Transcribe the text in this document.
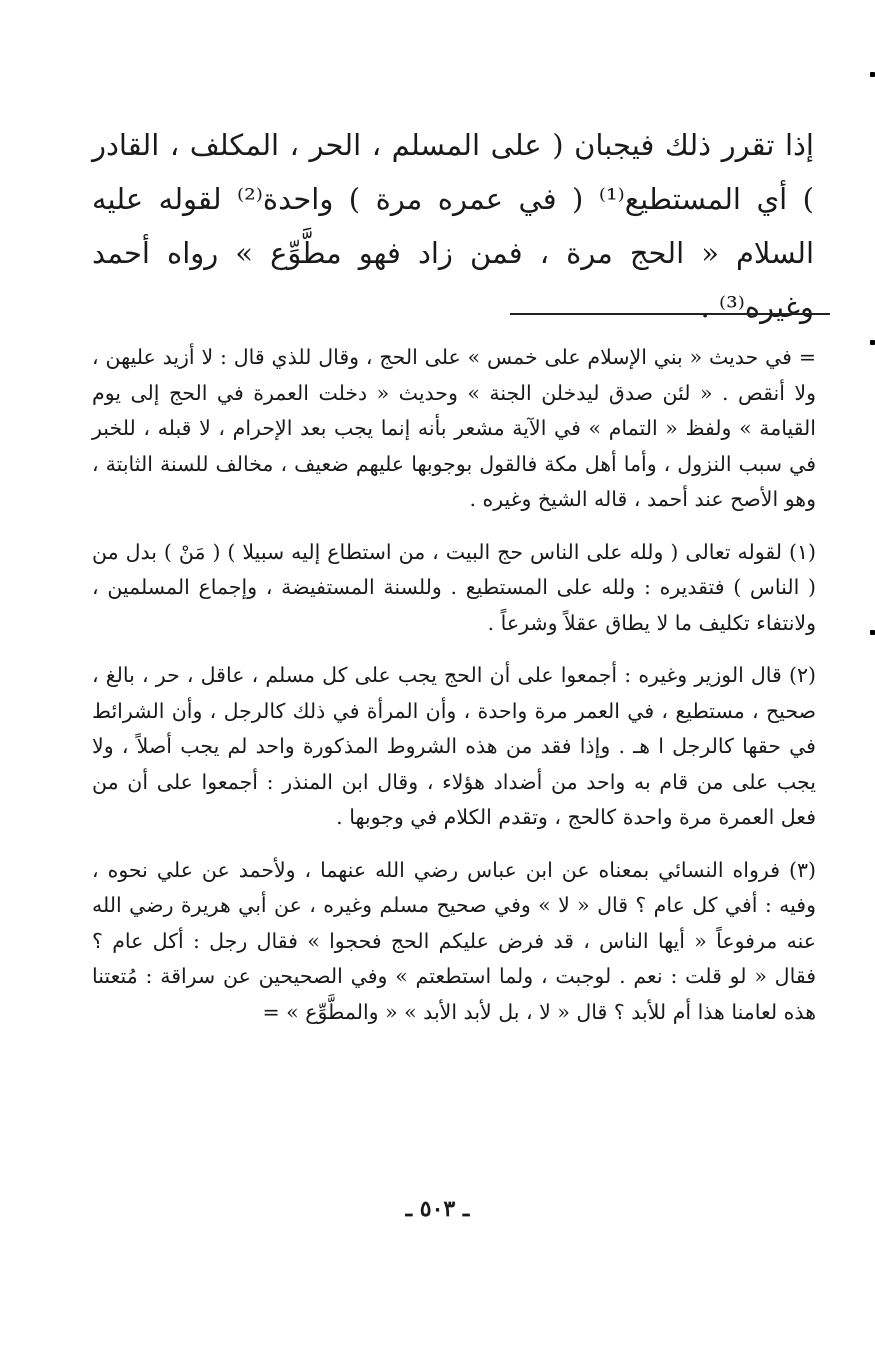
إذا تقرر ذلك فيجبان ( على المسلم ، الحر ، المكلف ، القادر ) أي المستطيع⁽¹⁾ ( في عمره مرة ) واحدة⁽²⁾ لقوله عليه السلام « الحج مرة ، فمن زاد فهو مطَّوِّع » رواه أحمد وغيره⁽³⁾ .

= في حديث « بني الإسلام على خمس » على الحج ، وقال للذي قال : لا أزيد عليهن ، ولا أنقص . « لئن صدق ليدخلن الجنة » وحديث « دخلت العمرة في الحج إلى يوم القيامة » ولفظ « التمام » في الآية مشعر بأنه إنما يجب بعد الإحرام ، لا قبله ، للخبر في سبب النزول ، وأما أهل مكة فالقول بوجوبها عليهم ضعيف ، مخالف للسنة الثابتة ، وهو الأصح عند أحمد ، قاله الشيخ وغيره .

(١) لقوله تعالى ( ولله على الناس حج البيت ، من استطاع إليه سبيلا ) ( مَنْ ) بدل من ( الناس ) فتقديره : ولله على المستطيع . وللسنة المستفيضة ، وإجماع المسلمين ، ولانتفاء تكليف ما لا يطاق عقلاً وشرعاً .

(٢) قال الوزير وغيره : أجمعوا على أن الحج يجب على كل مسلم ، عاقل ، حر ، بالغ ، صحيح ، مستطيع ، في العمر مرة واحدة ، وأن المرأة في ذلك كالرجل ، وأن الشرائط في حقها كالرجل ا هـ . وإذا فقد من هذه الشروط المذكورة واحد لم يجب أصلاً ، ولا يجب على من قام به واحد من أضداد هؤلاء ، وقال ابن المنذر : أجمعوا على أن من فعل العمرة مرة واحدة كالحج ، وتقدم الكلام في وجوبها .

(٣) فرواه النسائي بمعناه عن ابن عباس رضي الله عنهما ، ولأحمد عن علي نحوه ، وفيه : أفي كل عام ؟ قال « لا » وفي صحيح مسلم وغيره ، عن أبي هريرة رضي الله عنه مرفوعاً « أيها الناس ، قد فرض عليكم الحج فحجوا » فقال رجل : أكل عام ؟ فقال « لو قلت : نعم . لوجبت ، ولما استطعتم » وفي الصحيحين عن سراقة : مُتعتنا هذه لعامنا هذا أم للأبد ؟ قال « لا ، بل لأبد الأبد » « والمطَّوِّع » =

ـ ٥٠٣ ـ
